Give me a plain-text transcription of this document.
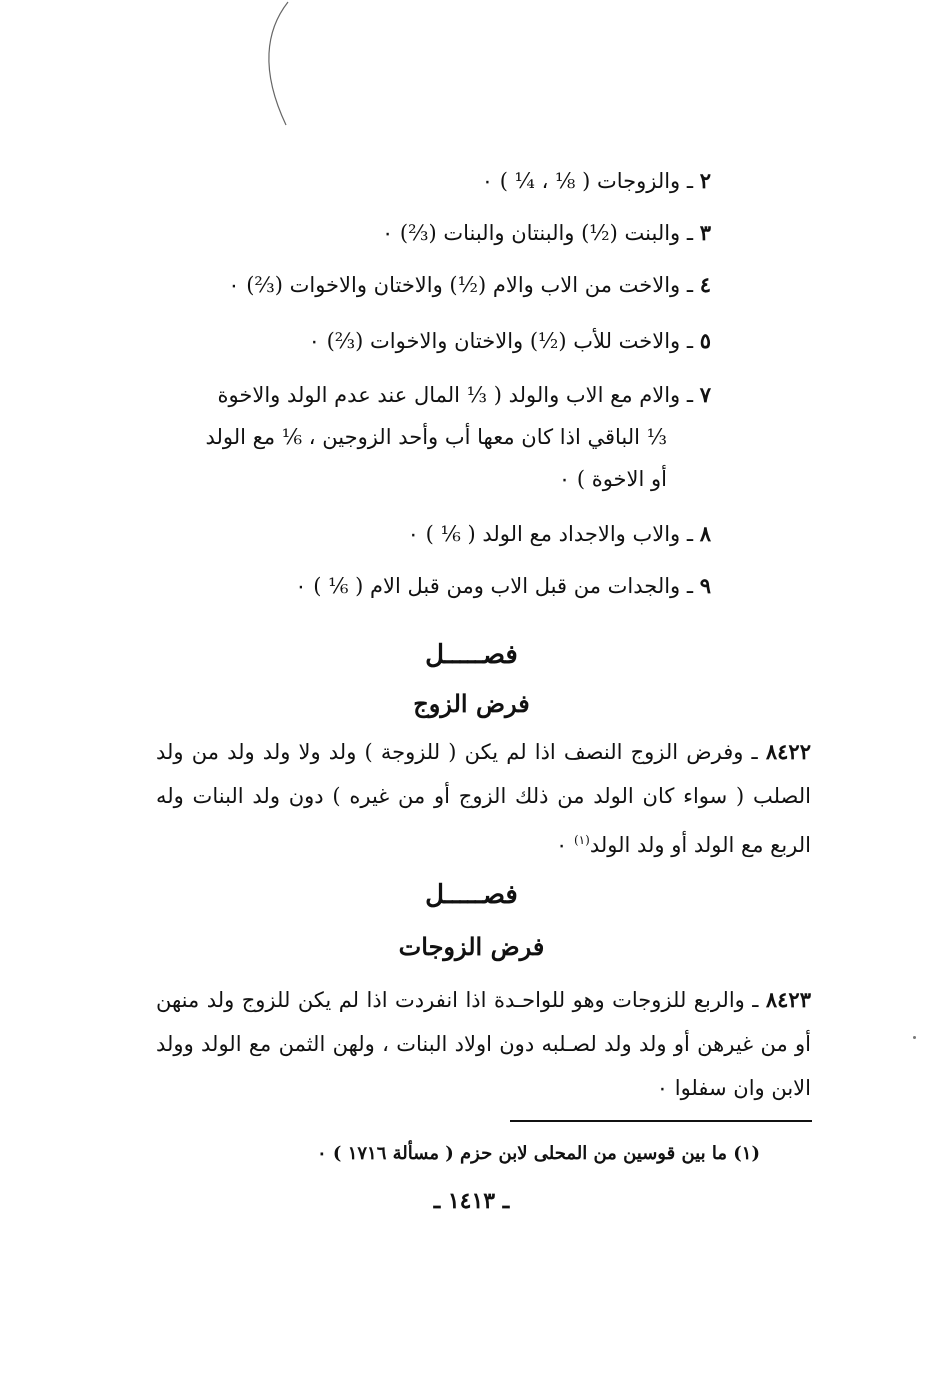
٢ ـ والزوجات ( ⅛ ، ¼ ) ٠
٣ ـ والبنت (½) والبنتان والبنات (⅔) ٠
٤ ـ والاخت من الاب والام (½) والاختان والاخوات (⅔) ٠
٥ ـ والاخت للأب (½) والاختان والاخوات (⅔) ٠
٧ ـ والام مع الاب والولد ( ⅓ المال عند عدم الولد والاخوة
⅓ الباقي اذا كان معها أب وأحد الزوجين ، ⅙ مع الولد
أو الاخوة ) ٠
٨ ـ والاب والاجداد مع الولد ( ⅙ ) ٠
٩ ـ والجدات من قبل الاب ومن قبل الام ( ⅙ ) ٠
فصـــــل
فرض الزوج
٨٤٢٢ ـ وفرض الزوج النصف اذا لم يكن ( للزوجة ) ولد ولا ولد ولد من ولد الصلب ( سواء كان الولد من ذلك الزوج أو من غيره ) دون ولد البنات وله الربع مع الولد أو ولد الولد$^{(١)}$ ٠
فصـــــل
فرض الزوجات
٨٤٢٣ ـ والربع للزوجات وهو للواحـدة اذا انفردت اذا لم يكن للزوج ولد منهن أو من غيرهن أو ولد ولد لصـلبه دون اولاد البنات ، ولهن الثمن مع الولد وولد الابن وان سفلوا ٠
(١) ما بين قوسين من المحلى لابن حزم ( مسألة ١٧١٦ ) ٠
ـ ١٤١٣ ـ
